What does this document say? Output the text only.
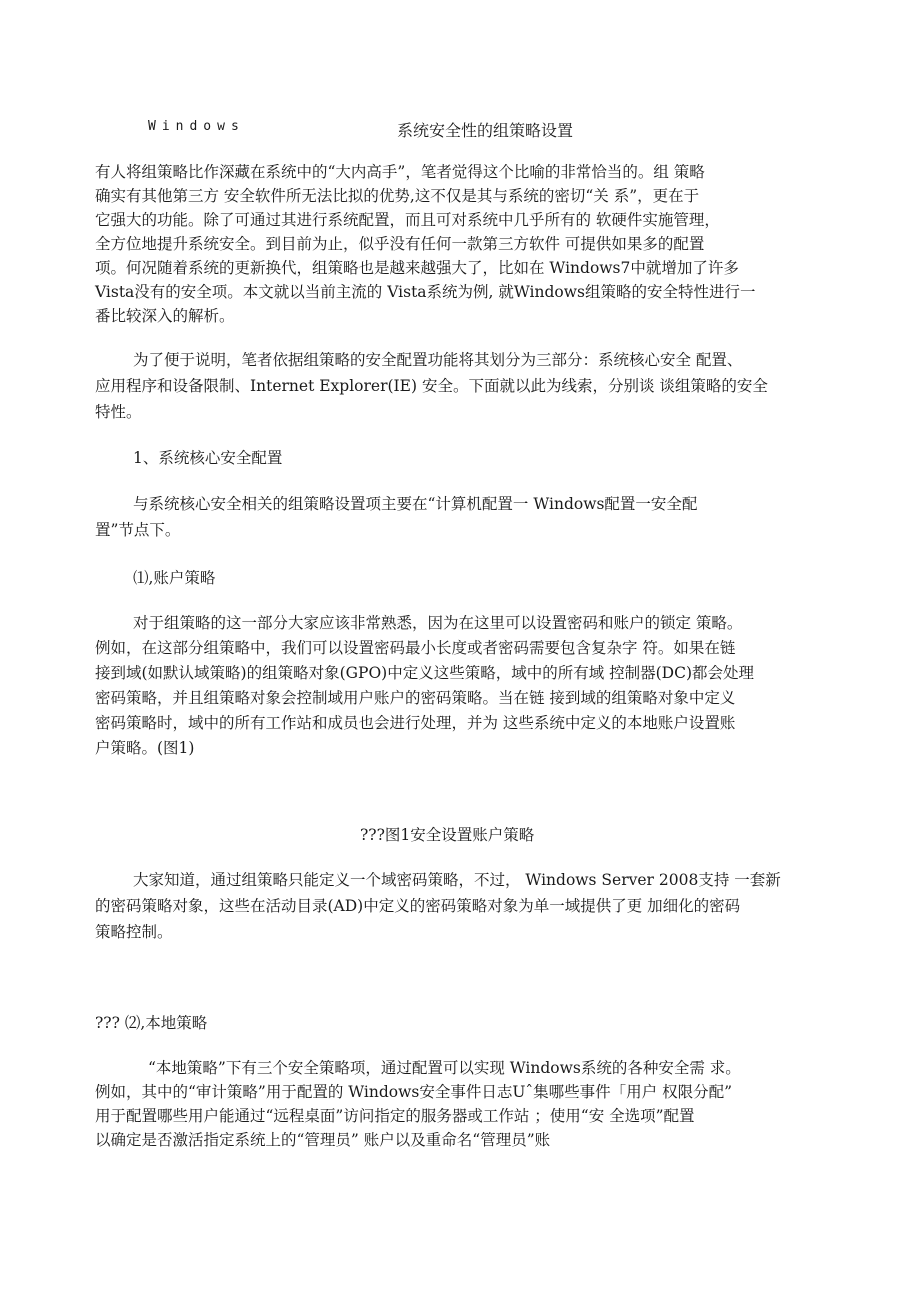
Windows	系统安全性的组策略设置
有人将组策略比作深藏在系统中的“大内高手”，笔者觉得这个比喻的非常恰当的。组 策略
确实有其他第三方 安全软件所无法比拟的优势,这不仅是其与系统的密切“关 系”，更在于
它强大的功能。除了可通过其进行系统配置，而且可对系统中几乎所有的 软硬件实施管理，
全方位地提升系统安全。到目前为止，似乎没有任何一款第三方软件 可提供如果多的配置
项。何况随着系统的更新换代，组策略也是越来越强大了，比如在 Windows7中就增加了许多
Vista没有的安全项。本文就以当前主流的 Vista系统为例, 就Windows组策略的安全特性进行一
番比较深入的解析。
为了便于说明，笔者依据组策略的安全配置功能将其划分为三部分：系统核心安全 配置、
应用程序和设备限制、Internet Explorer(IE) 安全。下面就以此为线索，分别谈 谈组策略的安全
特性。
1、系统核心安全配置
与系统核心安全相关的组策略设置项主要在“计算机配置一 Windows配置一安全配
置”节点下。
⑴,账户策略
对于组策略的这一部分大家应该非常熟悉，因为在这里可以设置密码和账户的锁定 策略。
例如，在这部分组策略中，我们可以设置密码最小长度或者密码需要包含复杂字 符。如果在链
接到域(如默认域策略)的组策略对象(GPO)中定义这些策略，域中的所有域 控制器(DC)都会处理
密码策略，并且组策略对象会控制域用户账户的密码策略。当在链 接到域的组策略对象中定义
密码策略时，域中的所有工作站和成员也会进行处理，并为 这些系统中定义的本地账户设置账
户策略。(图1)
???图1安全设置账户策略
大家知道，通过组策略只能定义一个域密码策略，不过， Windows Server 2008支持 一套新
的密码策略对象，这些在活动目录(AD)中定义的密码策略对象为单一域提供了更 加细化的密码
策略控制。
??? ⑵,本地策略
“本地策略”下有三个安全策略项，通过配置可以实现 Windows系统的各种安全需 求。
例如，其中的“审计策略”用于配置的 Windows安全事件日志Uˆ集哪些事件「用户 权限分配”
用于配置哪些用户能通过“远程桌面”访问指定的服务器或工作站 ；使用“安 全选项”配置
以确定是否激活指定系统上的“管理员” 账户以及重命名“管理员”账
